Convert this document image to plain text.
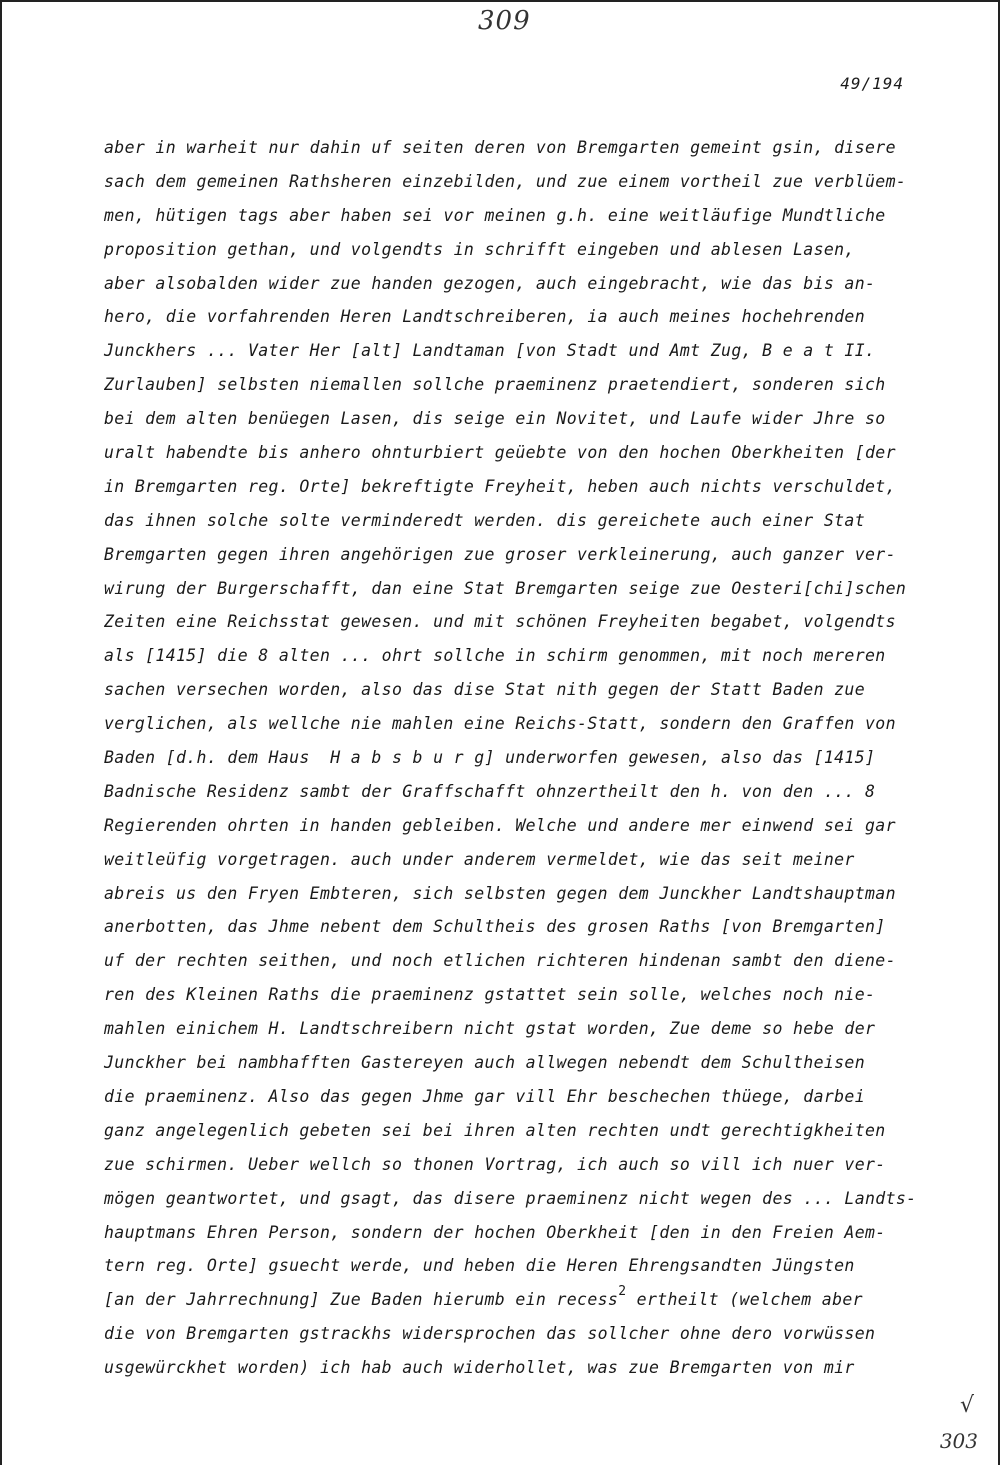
309
49/194
aber in warheit nur dahin uf seiten deren von Bremgarten gemeint gsin, disere
sach dem gemeinen Rathsheren einzebilden, und zue einem vortheil zue verblüem-
men, hütigen tags aber haben sei vor meinen g.h. eine weitläufige Mundtliche
proposition gethan, und volgendts in schrifft eingeben und ablesen Lasen,
aber alsobalden wider zue handen gezogen, auch eingebracht, wie das bis an-
hero, die vorfahrenden Heren Landtschreiberen, ia auch meines hochehrenden
Junckhers ... Vater Her [alt] Landtaman [von Stadt und Amt Zug, B e a t II.
Zurlauben] selbsten niemallen sollche praeminenz praetendiert, sonderen sich
bei dem alten benüegen Lasen, dis seige ein Novitet, und Laufe wider Jhre so
uralt habendte bis anhero ohnturbiert geüebte von den hochen Oberkheiten [der
in Bremgarten reg. Orte] bekreftigte Freyheit, heben auch nichts verschuldet,
das ihnen solche solte verminderedt werden. dis gereichete auch einer Stat
Bremgarten gegen ihren angehörigen zue groser verkleinerung, auch ganzer ver-
wirung der Burgerschafft, dan eine Stat Bremgarten seige zue Oesteri[chi]schen
Zeiten eine Reichsstat gewesen. und mit schönen Freyheiten begabet, volgendts
als [1415] die 8 alten ... ohrt sollche in schirm genommen, mit noch mereren
sachen versechen worden, also das dise Stat nith gegen der Statt Baden zue
verglichen, als wellche nie mahlen eine Reichs-Statt, sondern den Graffen von
Baden [d.h. dem Haus  H a b s b u r g] underworfen gewesen, also das [1415]
Badnische Residenz sambt der Graffschafft ohnzertheilt den h. von den ... 8
Regierenden ohrten in handen gebleiben. Welche und andere mer einwend sei gar
weitleüfig vorgetragen. auch under anderem vermeldet, wie das seit meiner
abreis us den Fryen Embteren, sich selbsten gegen dem Junckher Landtshauptman
anerbotten, das Jhme nebent dem Schultheis des grosen Raths [von Bremgarten]
uf der rechten seithen, und noch etlichen richteren hindenan sambt den diene-
ren des Kleinen Raths die praeminenz gstattet sein solle, welches noch nie-
mahlen einichem H. Landtschreibern nicht gstat worden, Zue deme so hebe der
Junckher bei nambhafften Gastereyen auch allwegen nebendt dem Schultheisen
die praeminenz. Also das gegen Jhme gar vill Ehr beschechen thüege, darbei
ganz angelegenlich gebeten sei bei ihren alten rechten undt gerechtigkheiten
zue schirmen. Ueber wellch so thonen Vortrag, ich auch so vill ich nuer ver-
mögen geantwortet, und gsagt, das disere praeminenz nicht wegen des ... Landts-
hauptmans Ehren Person, sondern der hochen Oberkheit [den in den Freien Aem-
tern reg. Orte] gsuecht werde, und heben die Heren Ehrengsandten Jüngsten
[an der Jahrrechnung] Zue Baden hierumb ein recess$^2$ ertheilt (welchem aber
die von Bremgarten gstrackhs widersprochen das sollcher ohne dero vorwüssen
usgewürckhet worden) ich hab auch widerhollet, was zue Bremgarten von mir
√
303
